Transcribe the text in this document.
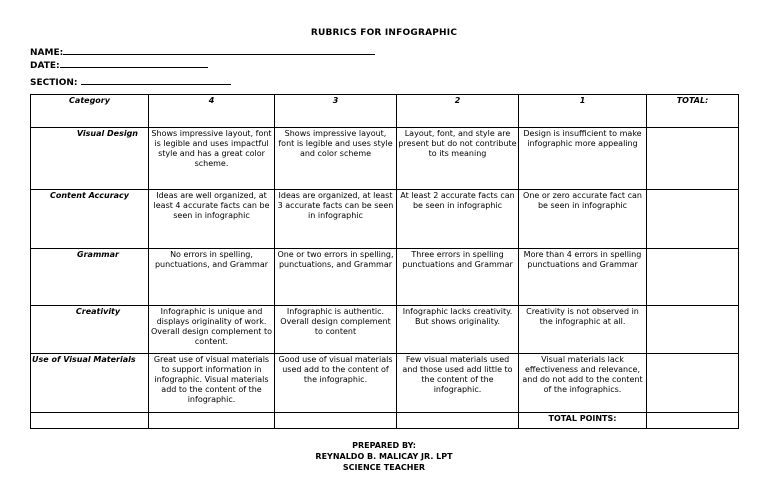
RUBRICS FOR INFOGRAPHIC
NAME:
DATE:
SECTION:
Category	4	3	2	1	TOTAL:
Visual Design	Shows impressive layout, font is legible and uses impactful style and has a great color scheme.	Shows impressive layout, font is legible and uses style and color scheme	Layout, font, and style are present but do not contribute to its meaning	Design is insufficient to make infographic more appealing	
Content Accuracy	Ideas are well organized, at least 4 accurate facts can be seen in infographic	Ideas are organized, at least 3 accurate facts can be seen in infographic	At least 2 accurate facts can be seen in infographic	One or zero accurate fact can be seen in infographic	
Grammar	No errors in spelling, punctuations, and Grammar	One or two errors in spelling, punctuations, and Grammar	Three errors in spelling punctuations and Grammar	More than 4 errors in spelling punctuations and Grammar	
Creativity	Infographic is unique and displays originality of work. Overall design complement to content.	Infographic is authentic. Overall design complement to content	Infographic lacks creativity. But shows originality.	Creativity is not observed in the infographic at all.	
Use of Visual Materials	Great use of visual materials to support information in infographic. Visual materials add to the content of the infographic.	Good use of visual materials used add to the content of the infographic.	Few visual materials used and those used add little to the content of the infographic.	Visual materials lack effectiveness and relevance, and do not add to the content of the infographics.	
				TOTAL POINTS:	
PREPARED BY:
REYNALDO B. MALICAY JR. LPT
SCIENCE TEACHER
